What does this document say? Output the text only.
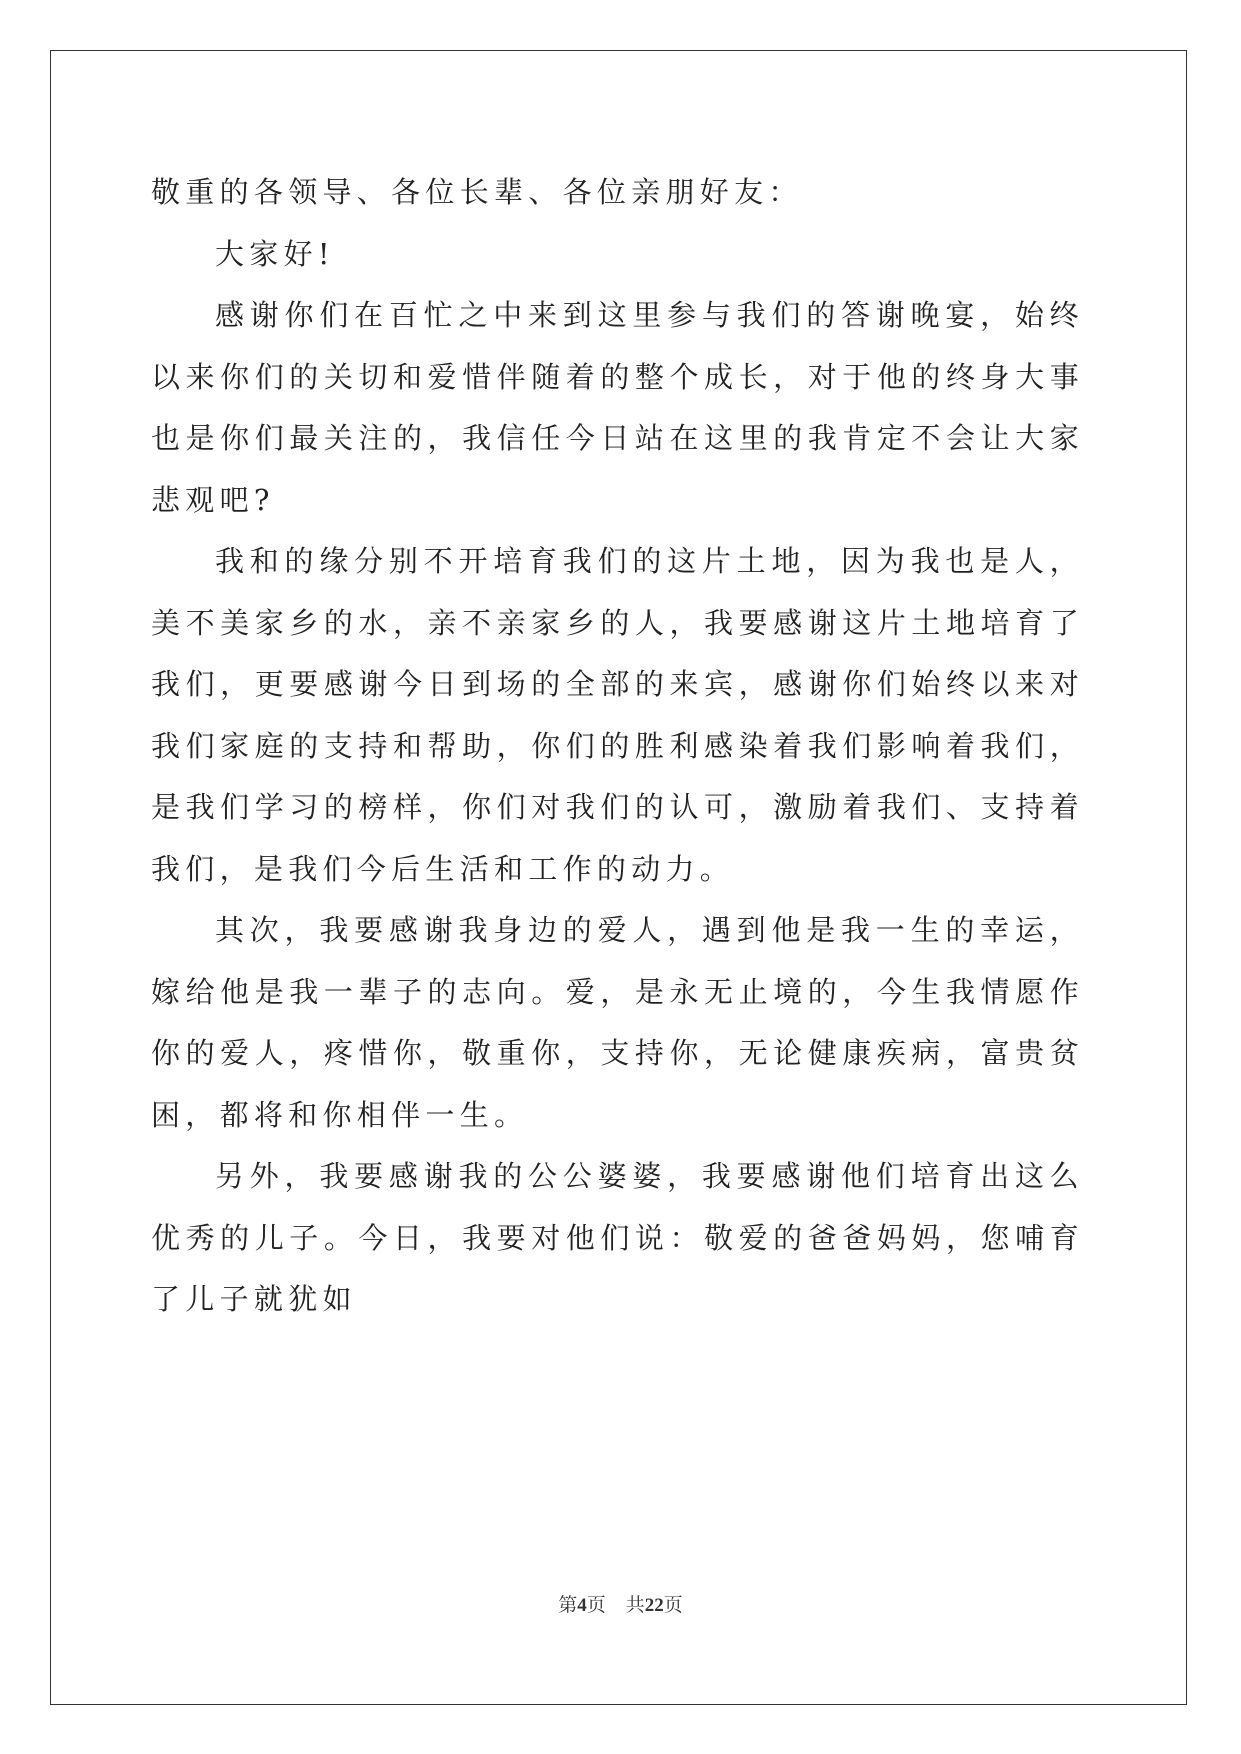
敬重的各领导、各位长辈、各位亲朋好友：

大家好!

感谢你们在百忙之中来到这里参与我们的答谢晚宴，始终以来你们的关切和爱惜伴随着的整个成长，对于他的终身大事也是你们最关注的，我信任今日站在这里的我肯定不会让大家悲观吧?

我和的缘分别不开培育我们的这片土地，因为我也是人，美不美家乡的水，亲不亲家乡的人，我要感谢这片土地培育了我们，更要感谢今日到场的全部的来宾，感谢你们始终以来对我们家庭的支持和帮助，你们的胜利感染着我们影响着我们，是我们学习的榜样，你们对我们的认可，激励着我们、支持着我们，是我们今后生活和工作的动力。

其次，我要感谢我身边的爱人，遇到他是我一生的幸运，嫁给他是我一辈子的志向。爱，是永无止境的，今生我情愿作你的爱人，疼惜你，敬重你，支持你，无论健康疾病，富贵贫困，都将和你相伴一生。

另外，我要感谢我的公公婆婆，我要感谢他们培育出这么优秀的儿子。今日，我要对他们说：敬爱的爸爸妈妈，您哺育了儿子就犹如

第4页 共22页
